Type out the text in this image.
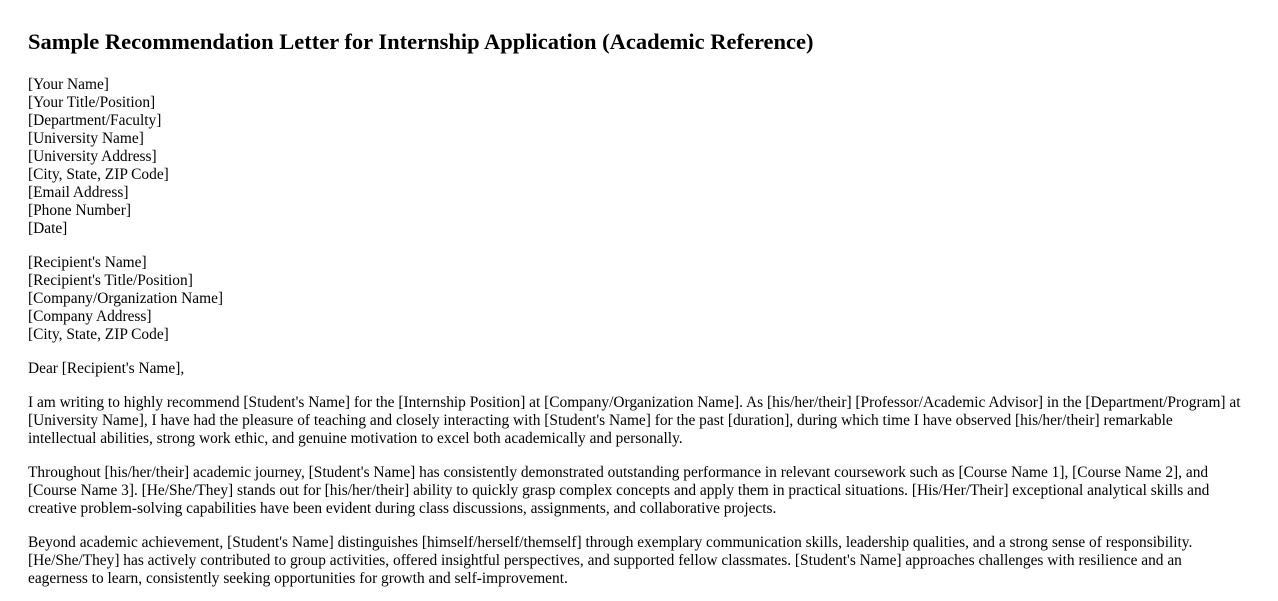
Sample Recommendation Letter for Internship Application (Academic Reference)
[Your Name]
[Your Title/Position]
[Department/Faculty]
[University Name]
[University Address]
[City, State, ZIP Code]
[Email Address]
[Phone Number]
[Date]
[Recipient's Name]
[Recipient's Title/Position]
[Company/Organization Name]
[Company Address]
[City, State, ZIP Code]
Dear [Recipient's Name],

I am writing to highly recommend [Student's Name] for the [Internship Position] at [Company/Organization Name]. As [his/her/their] [Professor/Academic Advisor] in the [Department/Program] at [University Name], I have had the pleasure of teaching and closely interacting with [Student's Name] for the past [duration], during which time I have observed [his/her/their] remarkable intellectual abilities, strong work ethic, and genuine motivation to excel both academically and personally.

Throughout [his/her/their] academic journey, [Student's Name] has consistently demonstrated outstanding performance in relevant coursework such as [Course Name 1], [Course Name 2], and [Course Name 3]. [He/She/They] stands out for [his/her/their] ability to quickly grasp complex concepts and apply them in practical situations. [His/Her/Their] exceptional analytical skills and creative problem-solving capabilities have been evident during class discussions, assignments, and collaborative projects.

Beyond academic achievement, [Student's Name] distinguishes [himself/herself/themself] through exemplary communication skills, leadership qualities, and a strong sense of responsibility. [He/She/They] has actively contributed to group activities, offered insightful perspectives, and supported fellow classmates. [Student's Name] approaches challenges with resilience and an eagerness to learn, consistently seeking opportunities for growth and self-improvement.
